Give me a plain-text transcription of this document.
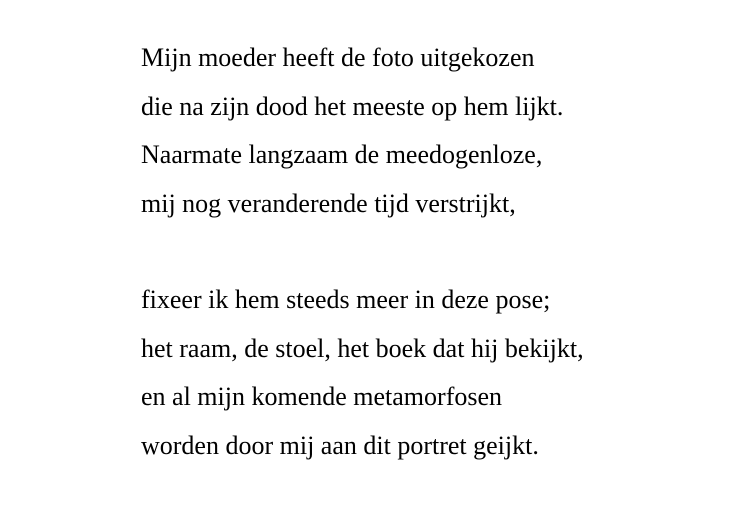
Mijn moeder heeft de foto uitgekozen
die na zijn dood het meeste op hem lijkt.
Naarmate langzaam de meedogenloze,
mij nog veranderende tijd verstrijkt,
fixeer ik hem steeds meer in deze pose;
het raam, de stoel, het boek dat hij bekijkt,
en al mijn komende metamorfosen
worden door mij aan dit portret geijkt.
